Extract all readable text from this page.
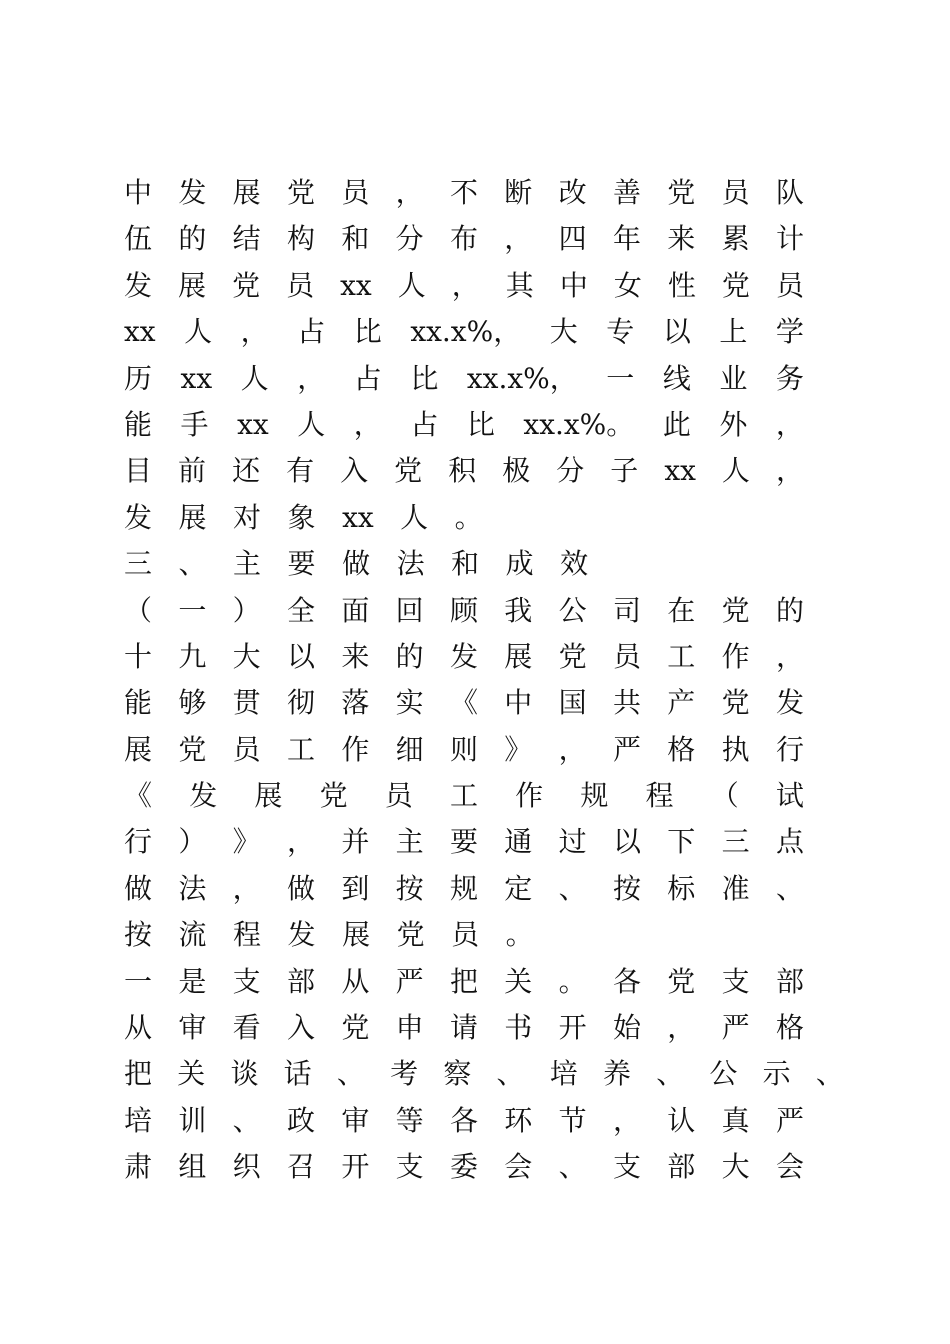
中 发 展 党 员 ， 不 断 改 善 党 员 队
伍 的 结 构 和 分 布 ， 四 年 来 累 计
发 展 党 员 xx 人 ， 其 中 女 性 党 员
xx 人 ， 占 比 xx.x%， 大 专 以 上 学
历 xx 人 ， 占 比 xx.x%， 一 线 业 务
能 手 xx 人 ， 占 比 xx.x%。 此 外 ，
目 前 还 有 入 党 积 极 分 子 xx 人 ，
发 展 对 象 xx 人 。
三 、 主 要 做 法 和 成 效
（ 一 ） 全 面 回 顾 我 公 司 在 党 的
十 九 大 以 来 的 发 展 党 员 工 作 ，
能 够 贯 彻 落 实 《 中 国 共 产 党 发
展 党 员 工 作 细 则 》 ， 严 格 执 行
《 发 展 党 员 工 作 规 程 （ 试
行 ） 》 ， 并 主 要 通 过 以 下 三 点
做 法 ， 做 到 按 规 定 、 按 标 准 、
按 流 程 发 展 党 员 。
一 是 支 部 从 严 把 关 。 各 党 支 部
从 审 看 入 党 申 请 书 开 始 ， 严 格
把 关 谈 话 、 考 察 、 培 养 、 公 示 、
培 训 、 政 审 等 各 环 节 ， 认 真 严
肃 组 织 召 开 支 委 会 、 支 部 大 会
